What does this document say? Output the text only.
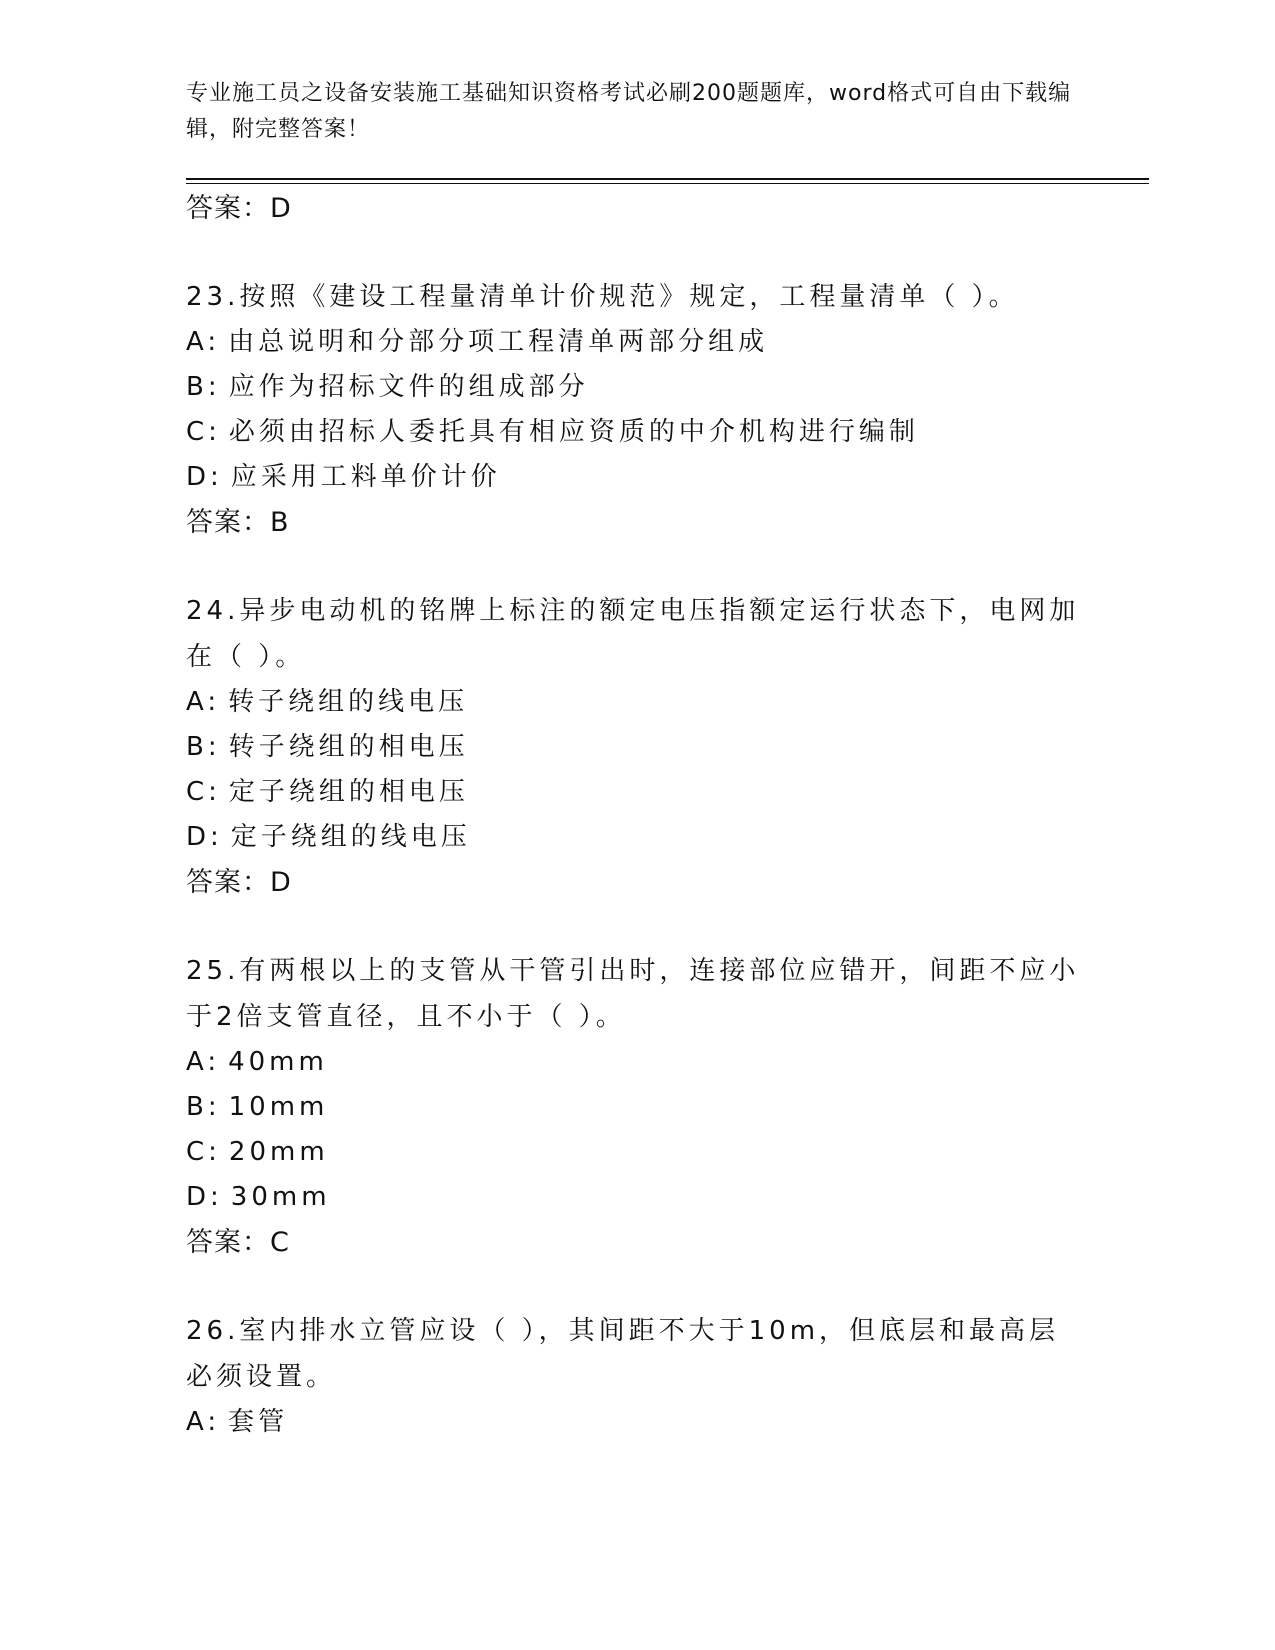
专业施工员之设备安装施工基础知识资格考试必刷200题题库，word格式可自由下载编辑，附完整答案！
答案：D
23.按照《建设工程量清单计价规范》规定，工程量清单（ ）。
A: 由总说明和分部分项工程清单两部分组成
B: 应作为招标文件的组成部分
C: 必须由招标人委托具有相应资质的中介机构进行编制
D: 应采用工料单价计价
答案：B
24.异步电动机的铭牌上标注的额定电压指额定运行状态下，电网加在（ ）。
A: 转子绕组的线电压
B: 转子绕组的相电压
C: 定子绕组的相电压
D: 定子绕组的线电压
答案：D
25.有两根以上的支管从干管引出时，连接部位应错开，间距不应小于2倍支管直径，且不小于（ ）。
A: 40mm
B: 10mm
C: 20mm
D: 30mm
答案：C
26.室内排水立管应设（ ），其间距不大于10m，但底层和最高层必须设置。
A: 套管
